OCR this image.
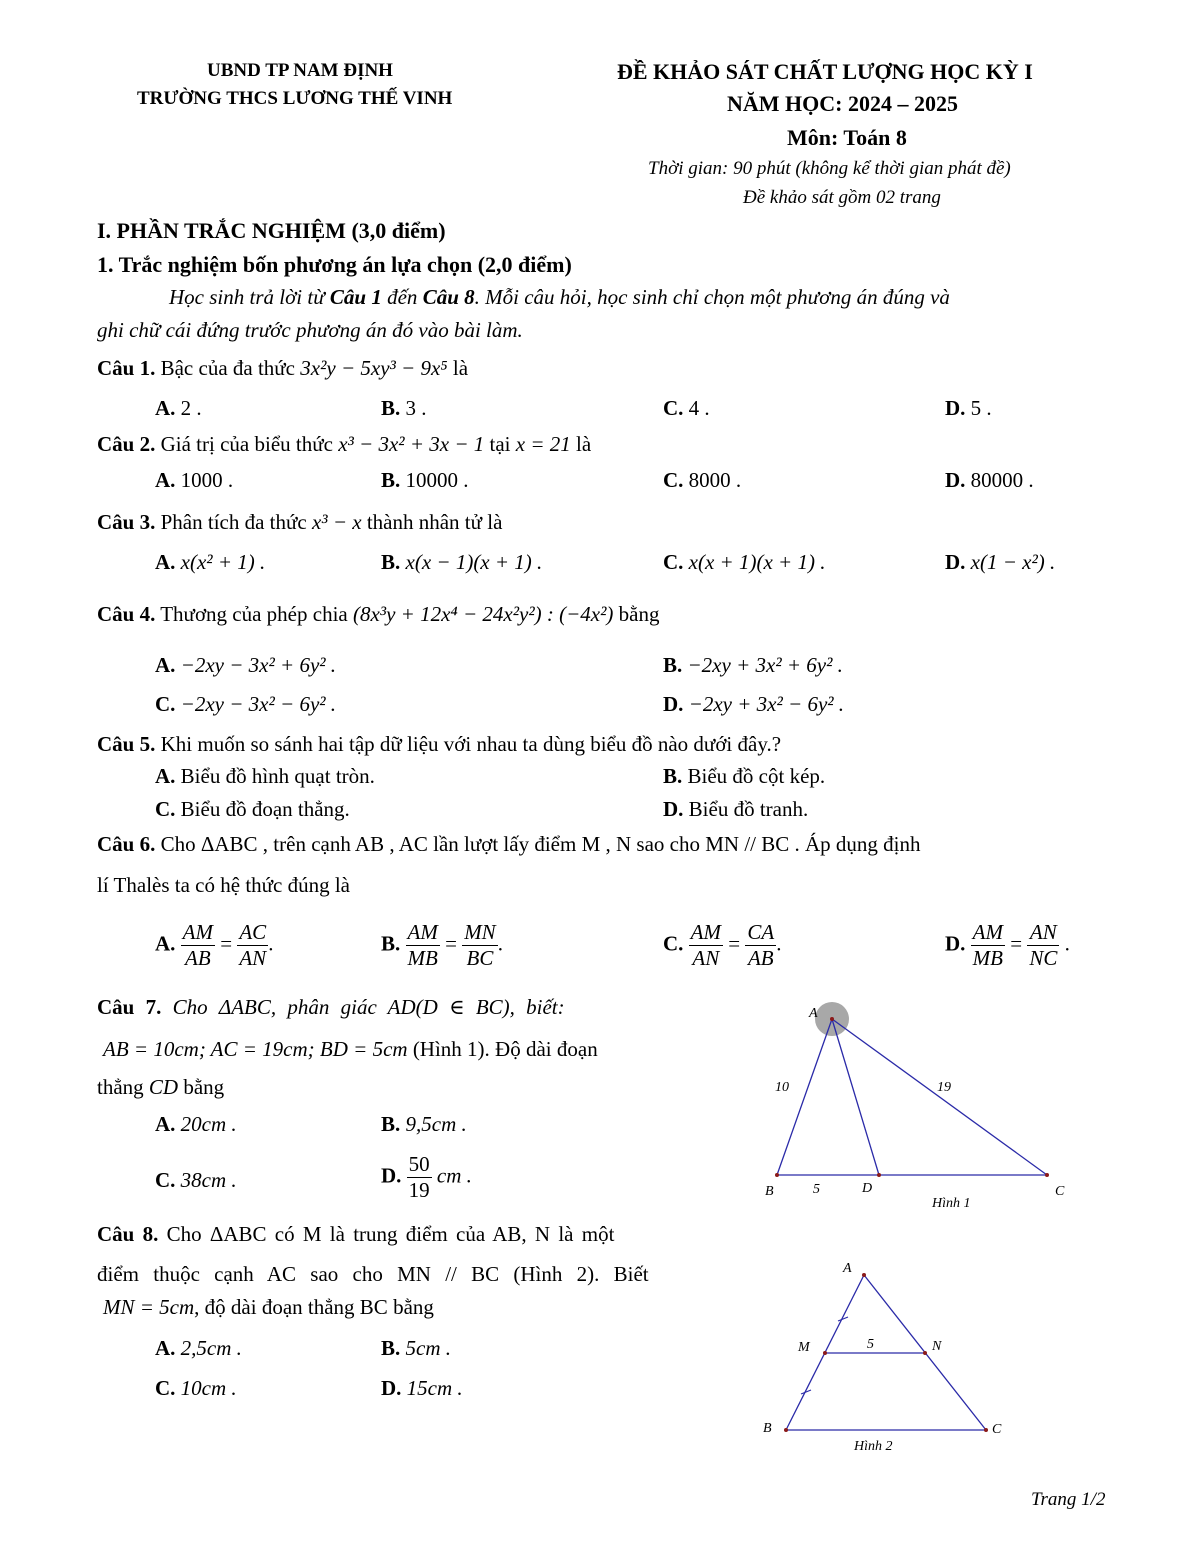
UBND TP NAM ĐỊNH
TRƯỜNG THCS LƯƠNG THẾ VINH
ĐỀ KHẢO SÁT CHẤT LƯỢNG HỌC KỲ I
NĂM HỌC: 2024 – 2025
Môn: Toán 8
Thời gian: 90 phút (không kể thời gian phát đề)
Đề khảo sát gồm 02 trang
I. PHẦN TRẮC NGHIỆM (3,0 điểm)
1. Trắc nghiệm bốn phương án lựa chọn (2,0 điểm)
Học sinh trả lời từ Câu 1 đến Câu 8. Mỗi câu hỏi, học sinh chỉ chọn một phương án đúng và
ghi chữ cái đứng trước phương án đó vào bài làm.
Câu 1. Bậc của đa thức 3x²y − 5xy³ − 9x⁵ là
A. 2 .	B. 3 .	C. 4 .	D. 5 .
Câu 2. Giá trị của biểu thức x³ − 3x² + 3x − 1 tại x = 21 là
A. 1000 .	B. 10000 .	C. 8000 .	D. 80000 .
Câu 3. Phân tích đa thức x³ − x thành nhân tử là
A. x(x² + 1) .	B. x(x − 1)(x + 1) .	C. x(x + 1)(x + 1) .	D. x(1 − x²) .
Câu 4. Thương của phép chia (8x³y + 12x⁴ − 24x²y²) : (−4x²) bằng
A. −2xy − 3x² + 6y² .	B. −2xy + 3x² + 6y² .
C. −2xy − 3x² − 6y² .	D. −2xy + 3x² − 6y² .
Câu 5. Khi muốn so sánh hai tập dữ liệu với nhau ta dùng biểu đồ nào dưới đây.?
A. Biểu đồ hình quạt tròn.	B. Biểu đồ cột kép.
C. Biểu đồ đoạn thẳng.	D. Biểu đồ tranh.
Câu 6. Cho ΔABC , trên cạnh AB , AC lần lượt lấy điểm M , N sao cho MN // BC . Áp dụng định
lí Thalès ta có hệ thức đúng là
A. $\frac{AM}{AB} = \frac{AC}{AN}$ .	B. $\frac{AM}{MB} = \frac{MN}{BC}$ .	C. $\frac{AM}{AN} = \frac{CA}{AB}$ .	D. $\frac{AM}{MB} = \frac{AN}{NC}$ .
Câu 7. Cho ΔABC, phân giác AD(D ∈ BC), biết:
AB = 10cm; AC = 19cm; BD = 5cm (Hình 1). Độ dài đoạn
thẳng CD bằng
A. 20cm .	B. 9,5cm .
C. 38cm .	D. $\frac{50}{19}$ cm .
A
B	C
D
10	19
5
Hình 1
Câu 8. Cho ΔABC có M là trung điểm của AB, N là một
điểm thuộc cạnh AC sao cho MN // BC (Hình 2). Biết
MN = 5cm, độ dài đoạn thẳng BC bằng
A. 2,5cm .	B. 5cm .
C. 10cm .	D. 15cm .
A
B	C
M	N
5
Hình 2
Trang 1/2
